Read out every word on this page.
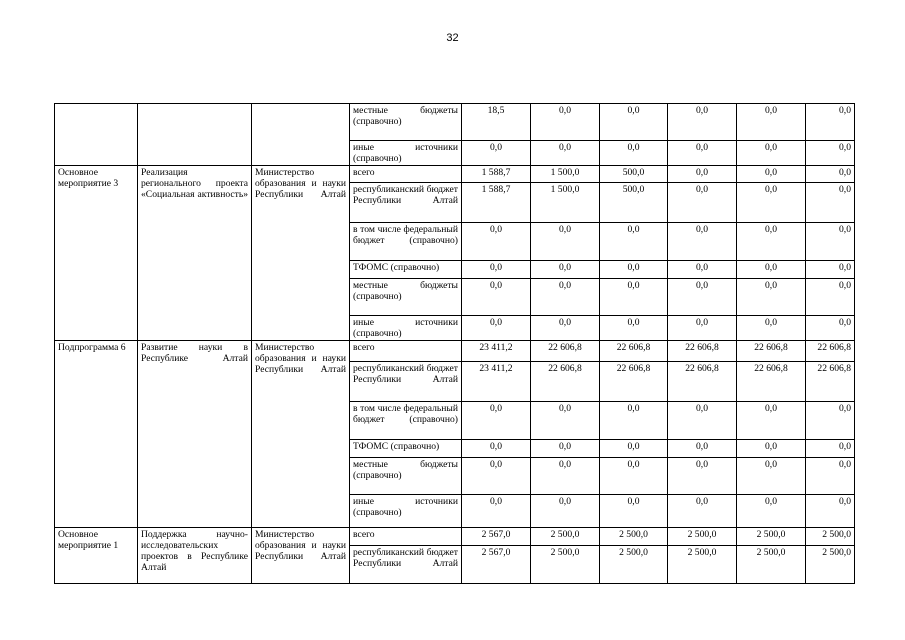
32
			местные бюджеты (справочно)	18,5	0,0	0,0	0,0	0,0	0,0
			иные источники (справочно)	0,0	0,0	0,0	0,0	0,0	0,0
Основное мероприятие 3	Реализация регионального проекта «Социальная активность»	Министерство образования и науки Республики Алтай	всего	1 588,7	1 500,0	500,0	0,0	0,0	0,0
			республиканский бюджет Республики Алтай	1 588,7	1 500,0	500,0	0,0	0,0	0,0
			в том числе федеральный бюджет (справочно)	0,0	0,0	0,0	0,0	0,0	0,0
			ТФОМС (справочно)	0,0	0,0	0,0	0,0	0,0	0,0
			местные бюджеты (справочно)	0,0	0,0	0,0	0,0	0,0	0,0
			иные источники (справочно)	0,0	0,0	0,0	0,0	0,0	0,0
Подпрограмма 6	Развитие науки в Республике Алтай	Министерство образования и науки Республики Алтай	всего	23 411,2	22 606,8	22 606,8	22 606,8	22 606,8	22 606,8
			республиканский бюджет Республики Алтай	23 411,2	22 606,8	22 606,8	22 606,8	22 606,8	22 606,8
			в том числе федеральный бюджет (справочно)	0,0	0,0	0,0	0,0	0,0	0,0
			ТФОМС (справочно)	0,0	0,0	0,0	0,0	0,0	0,0
			местные бюджеты (справочно)	0,0	0,0	0,0	0,0	0,0	0,0
			иные источники (справочно)	0,0	0,0	0,0	0,0	0,0	0,0
Основное мероприятие 1	Поддержка научно-исследовательских проектов в Республике Алтай	Министерство образования и науки Республики Алтай	всего	2 567,0	2 500,0	2 500,0	2 500,0	2 500,0	2 500,0
			республиканский бюджет Республики Алтай	2 567,0	2 500,0	2 500,0	2 500,0	2 500,0	2 500,0
